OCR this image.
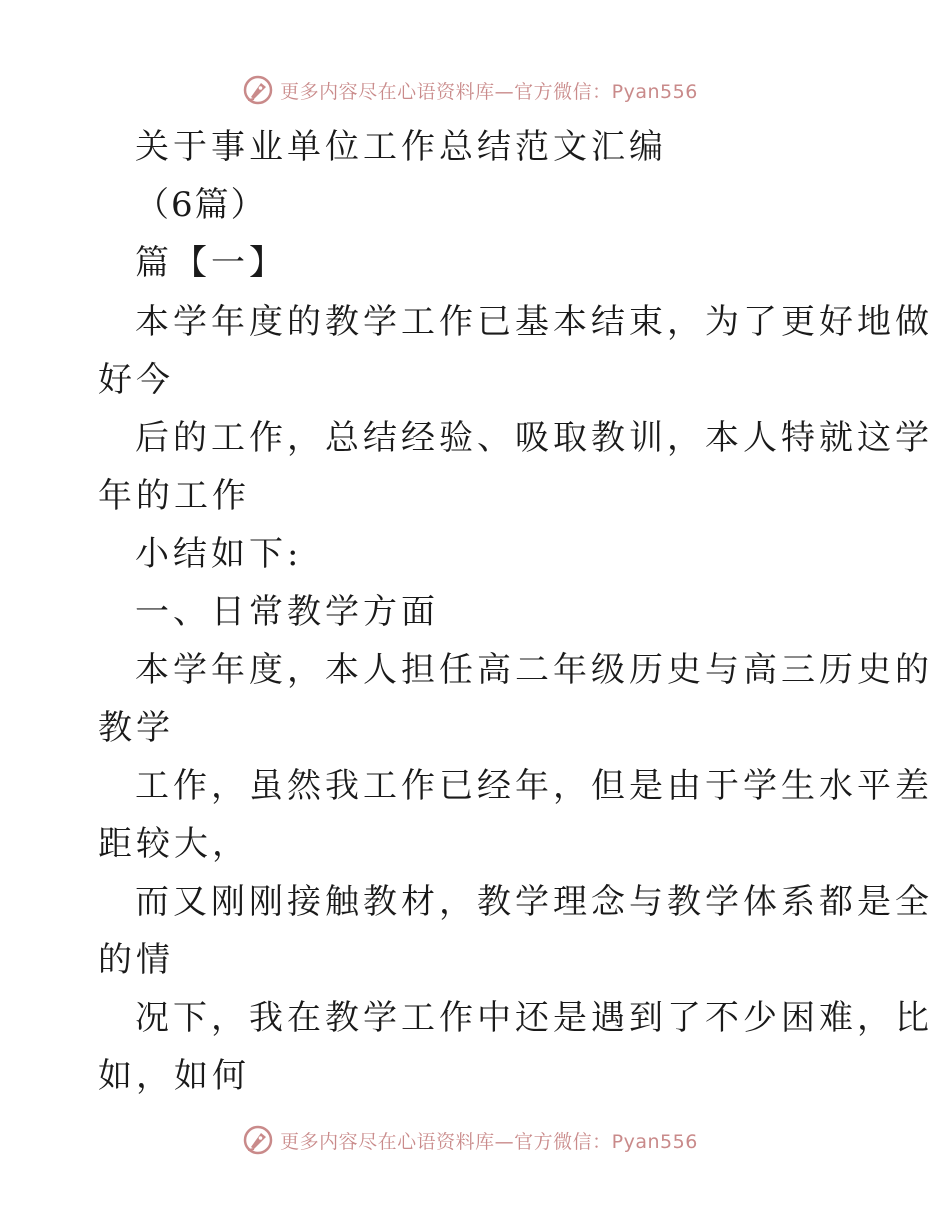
更多内容尽在心语资料库—官方微信：Pyan556
关于事业单位工作总结范文汇编
（6篇）
篇【一】
本学年度的教学工作已基本结束，为了更好地做
好今
后的工作，总结经验、吸取教训，本人特就这学
年的工作
小结如下:
一、日常教学方面
本学年度，本人担任高二年级历史与高三历史的
教学
工作，虽然我工作已经年，但是由于学生水平差
距较大，
而又刚刚接触教材，教学理念与教学体系都是全
的情
况下，我在教学工作中还是遇到了不少困难，比
如，如何
更多内容尽在心语资料库—官方微信：Pyan556
